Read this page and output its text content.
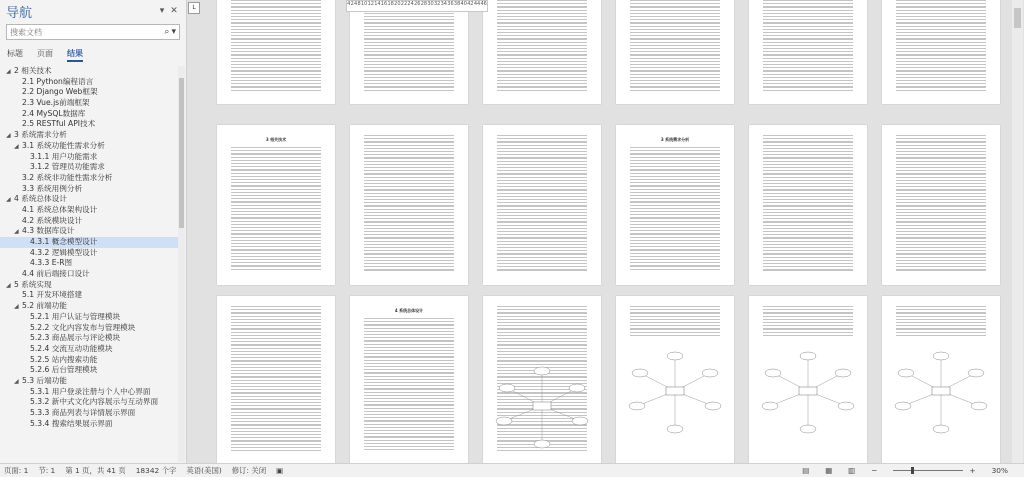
导航	▾ ✕
搜索文档	⌕ ▾
标题 页面 结果
◢ 2 相关技术
2.1 Python编程语言
2.2 Django Web框架
2.3 Vue.js前端框架
2.4 MySQL数据库
2.5 RESTful API技术
◢ 3 系统需求分析
◢ 3.1 系统功能性需求分析
3.1.1 用户功能需求
3.1.2 管理员功能需求
3.2 系统非功能性需求分析
3.3 系统用例分析
◢ 4 系统总体设计
4.1 系统总体架构设计
4.2 系统模块设计
◢ 4.3 数据库设计
4.3.1 概念模型设计
4.3.2 逻辑模型设计
4.3.3 E-R图
4.4 前后端接口设计
◢ 5 系统实现
5.1 开发环境搭建
◢ 5.2 前端功能
5.2.1 用户认证与管理模块
5.2.2 文化内容发布与管理模块
5.2.3 商品展示与评论模块
5.2.4 交流互动功能模块
5.2.5 站内搜索功能
5.2.6 后台管理模块
◢ 5.3 后端功能
5.3.1 用户登录注册与个人中心界面
5.3.2 新中式文化内容展示与互动界面
5.3.3 商品列表与详情展示界面
5.3.4 搜索结果展示界面
3 相关技术	3 系统需求分析
4 系统总体设计
L	4 2 4 8 10 12 14 16 18 20 22 24 26 28 30 32 34 36 38 40 42 44 46
页面: 1 节: 1 第 1 页，共 41 页 18342 个字 英语(美国) 修订: 关闭 ▣	▤ ▦ ▥ −	+ 30%
